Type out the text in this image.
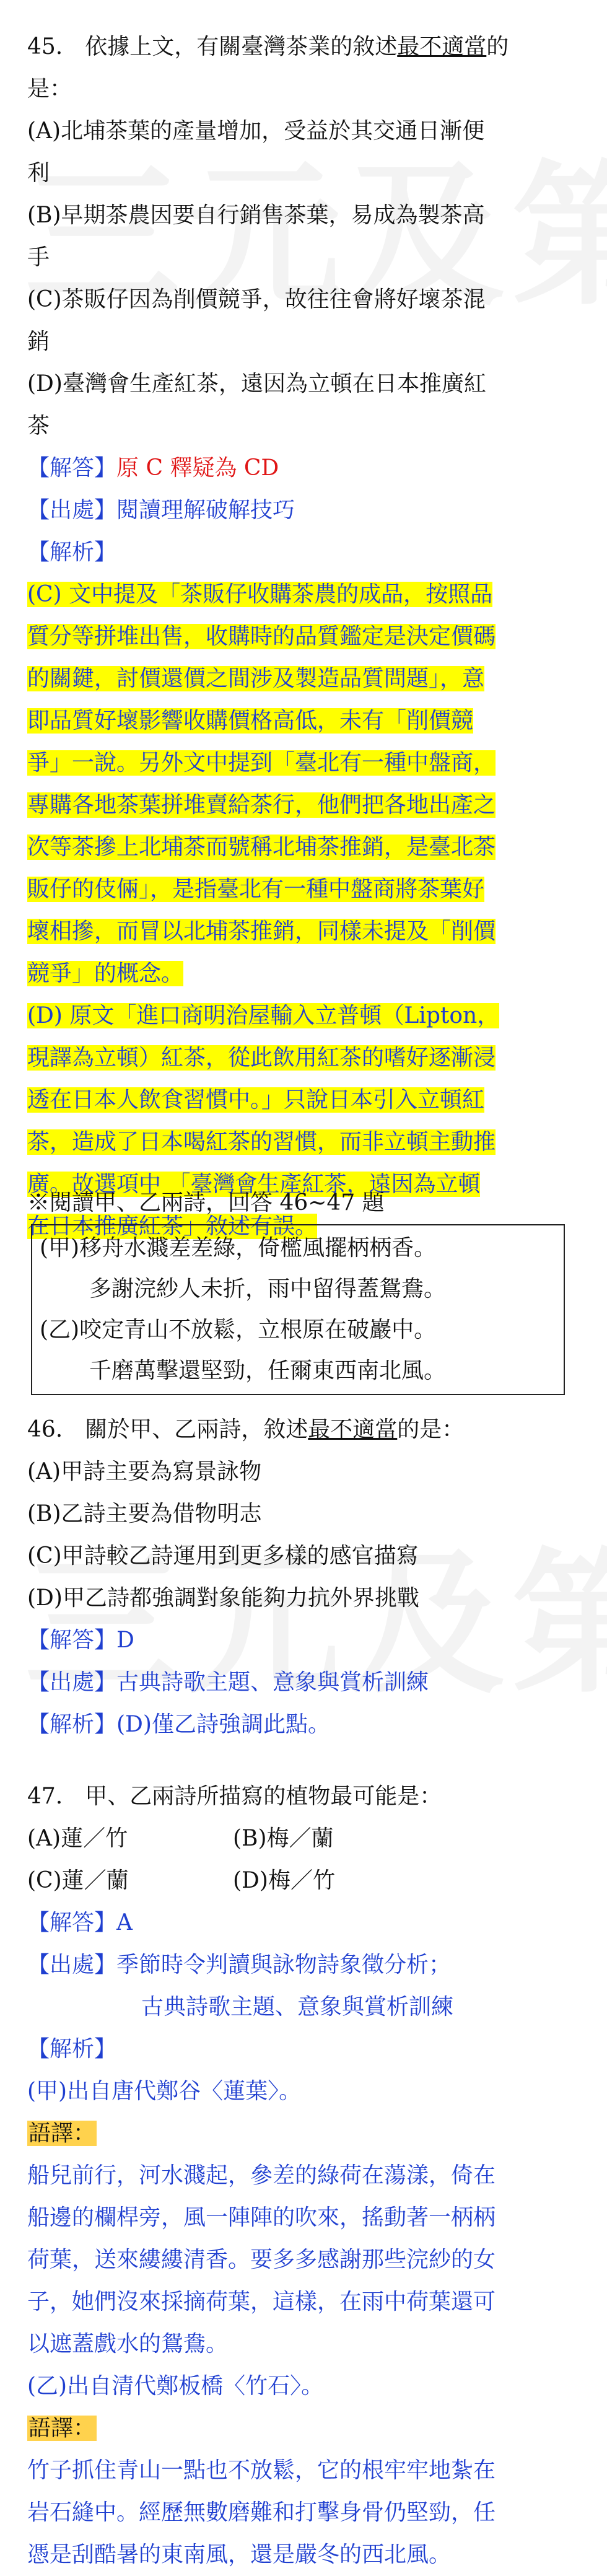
45.　依據上文，有關臺灣茶業的敘述最不適當的
是：
(A)北埔茶葉的產量增加，受益於其交通日漸便
利
(B)早期茶農因要自行銷售茶葉，易成為製茶高
手
(C)茶販仔因為削價競爭，故往往會將好壞茶混
銷
(D)臺灣會生產紅茶，遠因為立頓在日本推廣紅
茶
【解答】原 C 釋疑為 CD
【出處】閱讀理解破解技巧
【解析】
(C) 文中提及「茶販仔收購茶農的成品，按照品
質分等拼堆出售，收購時的品質鑑定是決定價碼
的關鍵，討價還價之間涉及製造品質問題」，意
即品質好壞影響收購價格高低，未有「削價競
爭」一說。另外文中提到「臺北有一種中盤商，
專購各地茶葉拼堆賣給茶行，他們把各地出產之
次等茶摻上北埔茶而號稱北埔茶推銷，是臺北茶
販仔的伎倆」，是指臺北有一種中盤商將茶葉好
壞相摻，而冒以北埔茶推銷，同樣未提及「削價
競爭」的概念。
(D) 原文「進口商明治屋輸入立普頓（Lipton，
現譯為立頓）紅茶，從此飲用紅茶的嗜好逐漸浸
透在日本人飲食習慣中。」只說日本引入立頓紅
茶，造成了日本喝紅茶的習慣，而非立頓主動推
廣。故選項中 「臺灣會生產紅茶，遠因為立頓
在日本推廣紅茶」敘述有誤。
※閱讀甲、乙兩詩，回答 46~47 題
(甲)移舟水濺差差綠，倚檻風擺柄柄香。
多謝浣紗人未折，雨中留得蓋鴛鴦。
(乙)咬定青山不放鬆，立根原在破巖中。
千磨萬擊還堅勁，任爾東西南北風。
46.　關於甲、乙兩詩，敘述最不適當的是：
(A)甲詩主要為寫景詠物
(B)乙詩主要為借物明志
(C)甲詩較乙詩運用到更多樣的感官描寫
(D)甲乙詩都強調對象能夠力抗外界挑戰
【解答】D
【出處】古典詩歌主題、意象與賞析訓練
【解析】(D)僅乙詩強調此點。
47.　甲、乙兩詩所描寫的植物最可能是：
(A)蓮／竹	(B)梅／蘭
(C)蓮／蘭	(D)梅／竹
【解答】A
【出處】季節時令判讀與詠物詩象徵分析；
古典詩歌主題、意象與賞析訓練
【解析】
(甲)出自唐代鄭谷〈蓮葉〉。
語譯：
船兒前行，河水濺起，參差的綠荷在蕩漾，倚在
船邊的欄桿旁，風一陣陣的吹來，搖動著一柄柄
荷葉，送來縷縷清香。要多多感謝那些浣紗的女
子，她們沒來採摘荷葉，這樣，在雨中荷葉還可
以遮蓋戲水的鴛鴦。
(乙)出自清代鄭板橋〈竹石〉。
語譯：
竹子抓住青山一點也不放鬆，它的根牢牢地紮在
岩石縫中。經歷無數磨難和打擊身骨仍堅勁，任
憑是刮酷暑的東南風，還是嚴冬的西北風。
